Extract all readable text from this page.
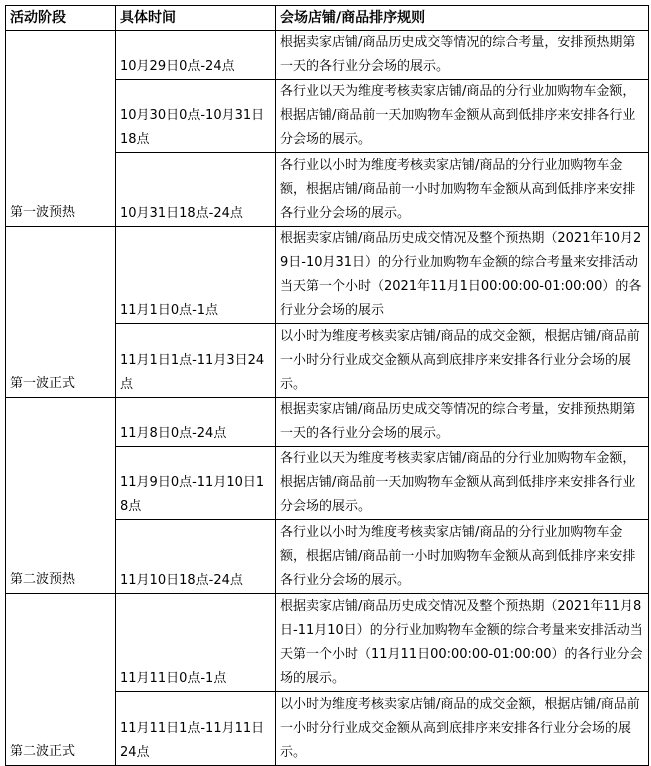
活动阶段	具体时间	会场店铺/商品排序规则
第一波预热	10月29日0点-24点	根据卖家店铺/商品历史成交等情况的综合考量，安排预热期第一天的各行业分会场的展示。
	10月30日0点-10月31日18点	各行业以天为维度考核卖家店铺/商品的分行业加购物车金额，根据店铺/商品前一天加购物车金额从高到低排序来安排各行业分会场的展示。
	10月31日18点-24点	各行业以小时为维度考核卖家店铺/商品的分行业加购物车金额，根据店铺/商品前一小时加购物车金额从高到低排序来安排各行业分会场的展示。
第一波正式	11月1日0点-1点	根据卖家店铺/商品历史成交情况及整个预热期（2021年10月29日-10月31日）的分行业加购物车金额的综合考量来安排活动当天第一个小时（2021年11月1日00:00:00-01:00:00）的各行业分会场的展示
	11月1日1点-11月3日24点	以小时为维度考核卖家店铺/商品的成交金额，根据店铺/商品前一小时分行业成交金额从高到底排序来安排各行业分会场的展示。
第二波预热	11月8日0点-24点	根据卖家店铺/商品历史成交等情况的综合考量，安排预热期第一天的各行业分会场的展示。
	11月9日0点-11月10日18点	各行业以天为维度考核卖家店铺/商品的分行业加购物车金额，根据店铺/商品前一天加购物车金额从高到低排序来安排各行业分会场的展示。
	11月10日18点-24点	各行业以小时为维度考核卖家店铺/商品的分行业加购物车金额，根据店铺/商品前一小时加购物车金额从高到低排序来安排各行业分会场的展示。
第二波正式	11月11日0点-1点	根据卖家店铺/商品历史成交情况及整个预热期（2021年11月8日-11月10日）的分行业加购物车金额的综合考量来安排活动当天第一个小时（11月11日00:00:00-01:00:00）的各行业分会场的展示。
	11月11日1点-11月11日24点	以小时为维度考核卖家店铺/商品的成交金额，根据店铺/商品前一小时分行业成交金额从高到底排序来安排各行业分会场的展示。
